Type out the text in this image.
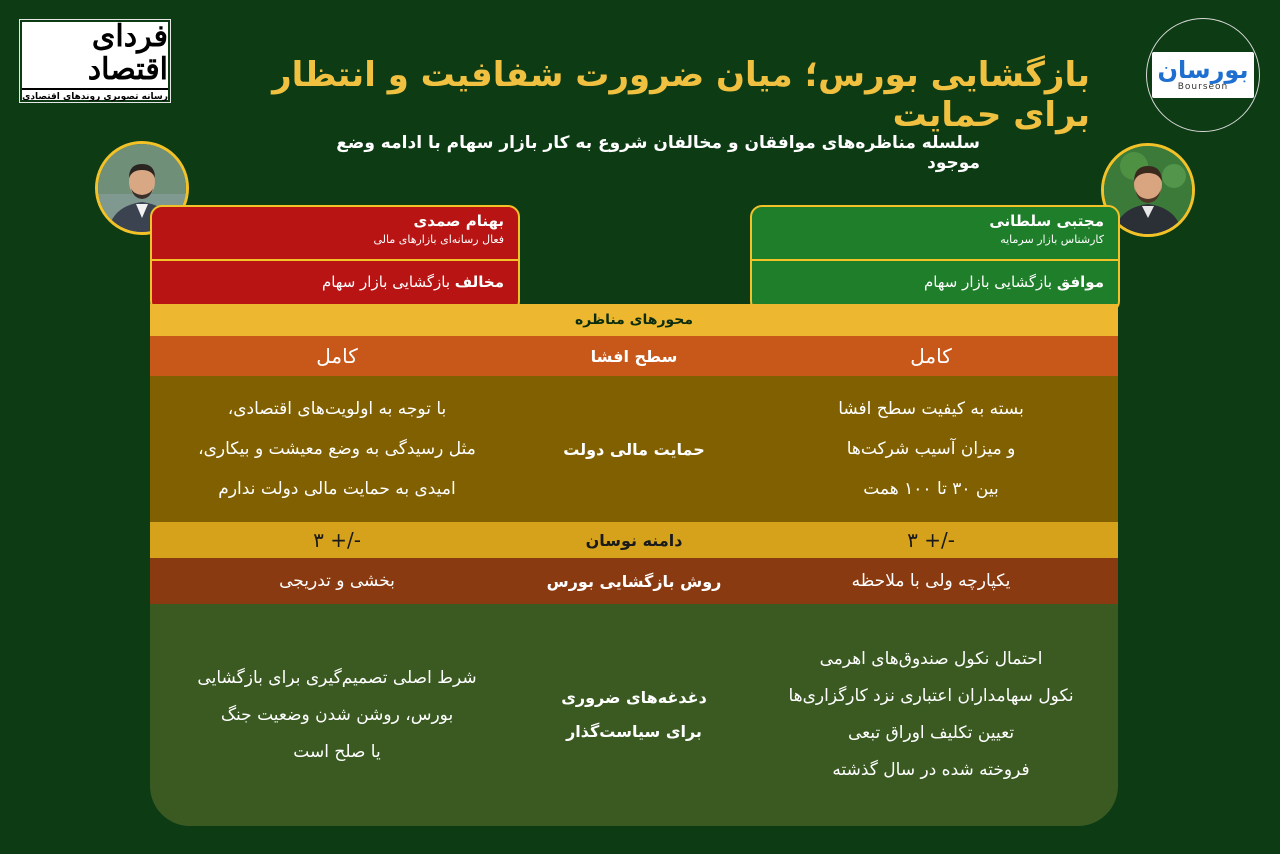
فردای اقتصاد
رسانه تصویری روندهای اقتصادی
بورسان
Bourseon
بازگشایی بورس؛ میان ضرورت شفافیت و انتظار برای حمایت
سلسله مناظره‌های موافقان و مخالفان شروع به کار بازار سهام با ادامه وضع موجود
مجتبی سلطانی
کارشناس بازار سرمایه
موافق بازگشایی بازار سهام
بهنام صمدی
فعال رسانه‌ای بازارهای مالی
مخالف بازگشایی بازار سهام
محورهای مناظره
کامل
سطح افشا
کامل
بسته به کیفیت سطح افشا
و میزان آسیب شرکت‌ها
بین ۳۰ تا ۱۰۰ همت
حمایت مالی دولت
با توجه به اولویت‌های اقتصادی،
مثل رسیدگی به وضع معیشت و بیکاری،
امیدی به حمایت مالی دولت ندارم
۳ +/-
دامنه نوسان
۳ +/-
یکپارچه ولی با ملاحظه
روش بازگشایی بورس
بخشی و تدریجی
احتمال نکول صندوق‌های اهرمی
نکول سهامداران اعتباری نزد کارگزاری‌ها
تعیین تکلیف اوراق تبعی
فروخته شده در سال گذشته
دغدغه‌های ضروری
برای سیاست‌گذار
شرط اصلی تصمیم‌گیری برای بازگشایی
بورس، روشن شدن وضعیت جنگ
یا صلح است
